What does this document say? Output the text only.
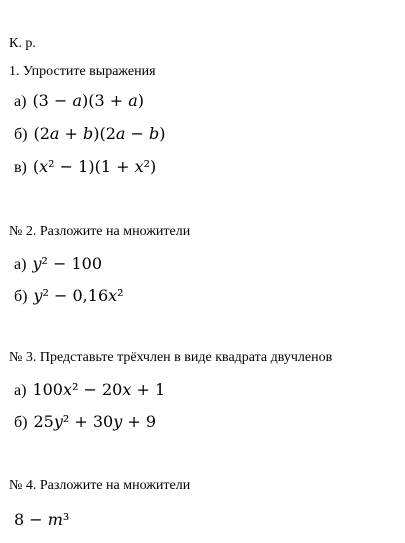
К. р.
1. Упростите выражения
а) (3 − 𝑎)(3 + 𝑎)
б) (2𝑎 + 𝑏)(2𝑎 − 𝑏)
в) (𝑥² − 1)(1 + 𝑥²)
№ 2. Разложите на множители
а) 𝑦² − 100
б) 𝑦² − 0,16𝑥²
№ 3. Представьте трёхчлен в виде квадрата двучленов
а) 100𝑥² − 20𝑥 + 1
б) 25𝑦² + 30𝑦 + 9
№ 4. Разложите на множители
8 − 𝑚³
